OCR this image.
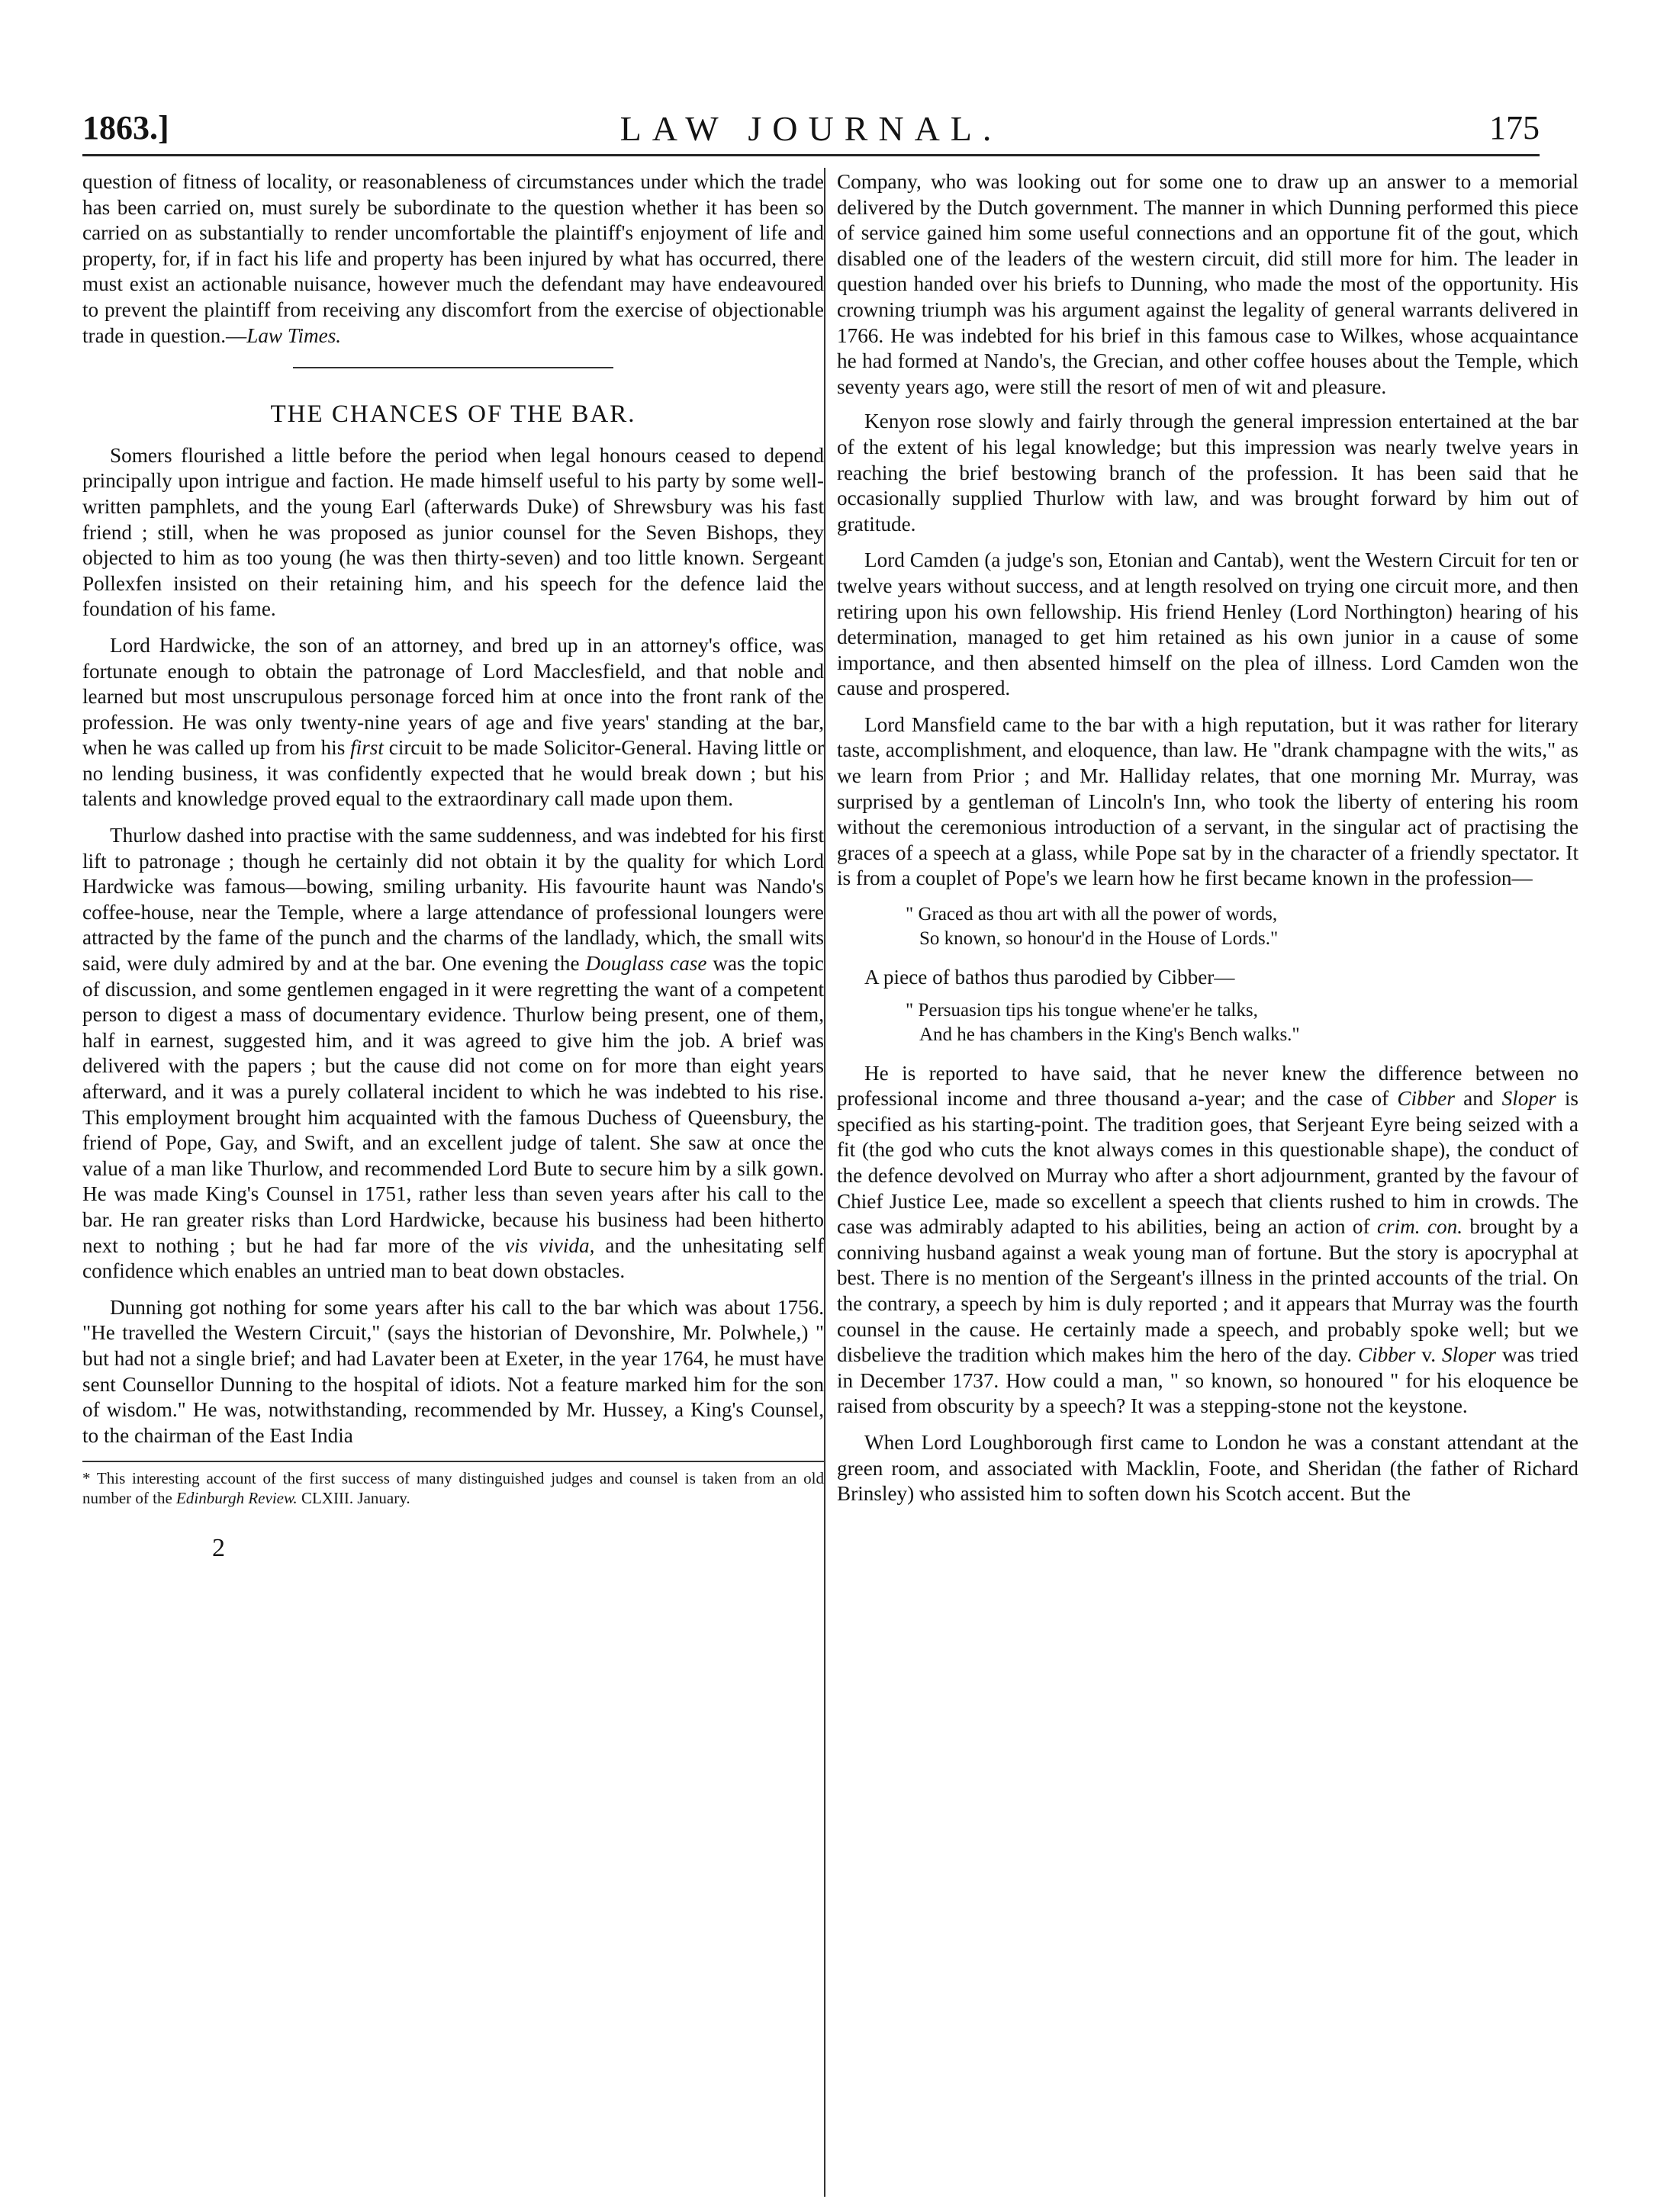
1863.]	LAW JOURNAL.	175

question of fitness of locality, or reasonableness of circumstances under which the trade has been carried on, must surely be subordinate to the question whether it has been so carried on as substantially to render uncomfortable the plaintiff's enjoyment of life and property, for, if in fact his life and property has been injured by what has occurred, there must exist an actionable nuisance, however much the defendant may have endeavoured to prevent the plaintiff from receiving any discomfort from the exercise of objectionable trade in question.—Law Times.

THE CHANCES OF THE BAR.

Somers flourished a little before the period when legal honours ceased to depend principally upon intrigue and faction. He made himself useful to his party by some well-written pamphlets, and the young Earl (afterwards Duke) of Shrewsbury was his fast friend ; still, when he was proposed as junior counsel for the Seven Bishops, they objected to him as too young (he was then thirty-seven) and too little known. Sergeant Pollexfen insisted on their retaining him, and his speech for the defence laid the foundation of his fame.

Lord Hardwicke, the son of an attorney, and bred up in an attorney's office, was fortunate enough to obtain the patronage of Lord Macclesfield, and that noble and learned but most unscrupulous personage forced him at once into the front rank of the profession. He was only twenty-nine years of age and five years' standing at the bar, when he was called up from his first circuit to be made Solicitor-General. Having little or no lending business, it was confidently expected that he would break down ; but his talents and knowledge proved equal to the extraordinary call made upon them.

Thurlow dashed into practise with the same suddenness, and was indebted for his first lift to patronage ; though he certainly did not obtain it by the quality for which Lord Hardwicke was famous—bowing, smiling urbanity. His favourite haunt was Nando's coffee-house, near the Temple, where a large attendance of professional loungers were attracted by the fame of the punch and the charms of the landlady, which, the small wits said, were duly admired by and at the bar. One evening the Douglass case was the topic of discussion, and some gentlemen engaged in it were regretting the want of a competent person to digest a mass of documentary evidence. Thurlow being present, one of them, half in earnest, suggested him, and it was agreed to give him the job. A brief was delivered with the papers ; but the cause did not come on for more than eight years afterward, and it was a purely collateral incident to which he was indebted to his rise. This employment brought him acquainted with the famous Duchess of Queensbury, the friend of Pope, Gay, and Swift, and an excellent judge of talent. She saw at once the value of a man like Thurlow, and recommended Lord Bute to secure him by a silk gown. He was made King's Counsel in 1751, rather less than seven years after his call to the bar. He ran greater risks than Lord Hardwicke, because his business had been hitherto next to nothing ; but he had far more of the vis vivida, and the unhesitating self confidence which enables an untried man to beat down obstacles.

Dunning got nothing for some years after his call to the bar which was about 1756. "He travelled the Western Circuit," (says the historian of Devonshire, Mr. Polwhele,) " but had not a single brief; and had Lavater been at Exeter, in the year 1764, he must have sent Counsellor Dunning to the hospital of idiots. Not a feature marked him for the son of wisdom." He was, notwithstanding, recommended by Mr. Hussey, a King's Counsel, to the chairman of the East India

* This interesting account of the first success of many distinguished judges and counsel is taken from an old number of the Edinburgh Review. CLXIII. January.

2

Company, who was looking out for some one to draw up an answer to a memorial delivered by the Dutch government. The manner in which Dunning performed this piece of service gained him some useful connections and an opportune fit of the gout, which disabled one of the leaders of the western circuit, did still more for him. The leader in question handed over his briefs to Dunning, who made the most of the opportunity. His crowning triumph was his argument against the legality of general warrants delivered in 1766. He was indebted for his brief in this famous case to Wilkes, whose acquaintance he had formed at Nando's, the Grecian, and other coffee houses about the Temple, which seventy years ago, were still the resort of men of wit and pleasure.

Kenyon rose slowly and fairly through the general impression entertained at the bar of the extent of his legal knowledge; but this impression was nearly twelve years in reaching the brief bestowing branch of the profession. It has been said that he occasionally supplied Thurlow with law, and was brought forward by him out of gratitude.

Lord Camden (a judge's son, Etonian and Cantab), went the Western Circuit for ten or twelve years without success, and at length resolved on trying one circuit more, and then retiring upon his own fellowship. His friend Henley (Lord Northington) hearing of his determination, managed to get him retained as his own junior in a cause of some importance, and then absented himself on the plea of illness. Lord Camden won the cause and prospered.

Lord Mansfield came to the bar with a high reputation, but it was rather for literary taste, accomplishment, and eloquence, than law. He "drank champagne with the wits," as we learn from Prior ; and Mr. Halliday relates, that one morning Mr. Murray, was surprised by a gentleman of Lincoln's Inn, who took the liberty of entering his room without the ceremonious introduction of a servant, in the singular act of practising the graces of a speech at a glass, while Pope sat by in the character of a friendly spectator. It is from a couplet of Pope's we learn how he first became known in the profession—

" Graced as thou art with all the power of words,
So known, so honour'd in the House of Lords."

A piece of bathos thus parodied by Cibber—

" Persuasion tips his tongue whene'er he talks,
And he has chambers in the King's Bench walks."

He is reported to have said, that he never knew the difference between no professional income and three thousand a-year; and the case of Cibber and Sloper is specified as his starting-point. The tradition goes, that Serjeant Eyre being seized with a fit (the god who cuts the knot always comes in this questionable shape), the conduct of the defence devolved on Murray who after a short adjournment, granted by the favour of Chief Justice Lee, made so excellent a speech that clients rushed to him in crowds. The case was admirably adapted to his abilities, being an action of crim. con. brought by a conniving husband against a weak young man of fortune. But the story is apocryphal at best. There is no mention of the Sergeant's illness in the printed accounts of the trial. On the contrary, a speech by him is duly reported ; and it appears that Murray was the fourth counsel in the cause. He certainly made a speech, and probably spoke well; but we disbelieve the tradition which makes him the hero of the day. Cibber v. Sloper was tried in December 1737. How could a man, " so known, so honoured " for his eloquence be raised from obscurity by a speech? It was a stepping-stone not the keystone.

When Lord Loughborough first came to London he was a constant attendant at the green room, and associated with Macklin, Foote, and Sheridan (the father of Richard Brinsley) who assisted him to soften down his Scotch accent. But the
